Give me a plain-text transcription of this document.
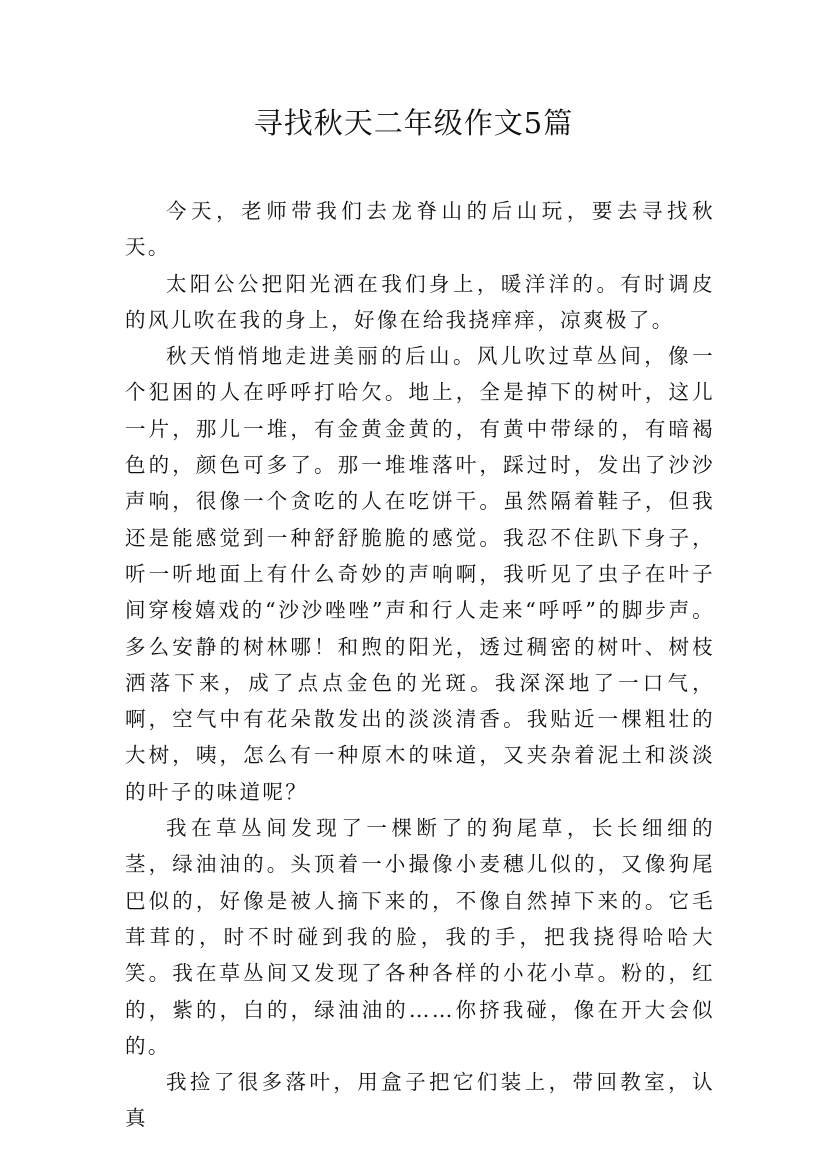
寻找秋天二年级作文5篇

今天，老师带我们去龙脊山的后山玩，要去寻找秋天。

太阳公公把阳光洒在我们身上，暖洋洋的。有时调皮的风儿吹在我的身上，好像在给我挠痒痒，凉爽极了。

秋天悄悄地走进美丽的后山。风儿吹过草丛间，像一个犯困的人在呼呼打哈欠。地上，全是掉下的树叶，这儿一片，那儿一堆，有金黄金黄的，有黄中带绿的，有暗褐色的，颜色可多了。那一堆堆落叶，踩过时，发出了沙沙声响，很像一个贪吃的人在吃饼干。虽然隔着鞋子，但我还是能感觉到一种舒舒脆脆的感觉。我忍不住趴下身子，听一听地面上有什么奇妙的声响啊，我听见了虫子在叶子间穿梭嬉戏的“沙沙唑唑”声和行人走来“呼呼”的脚步声。多么安静的树林哪！和煦的阳光，透过稠密的树叶、树枝洒落下来，成了点点金色的光斑。我深深地了一口气，啊，空气中有花朵散发出的淡淡清香。我贴近一棵粗壮的大树，咦，怎么有一种原木的味道，又夹杂着泥土和淡淡的叶子的味道呢？

我在草丛间发现了一棵断了的狗尾草，长长细细的茎，绿油油的。头顶着一小撮像小麦穗儿似的，又像狗尾巴似的，好像是被人摘下来的，不像自然掉下来的。它毛茸茸的，时不时碰到我的脸，我的手，把我挠得哈哈大笑。我在草丛间又发现了各种各样的小花小草。粉的，红的，紫的，白的，绿油油的……你挤我碰，像在开大会似的。

我捡了很多落叶，用盒子把它们装上，带回教室，认真
